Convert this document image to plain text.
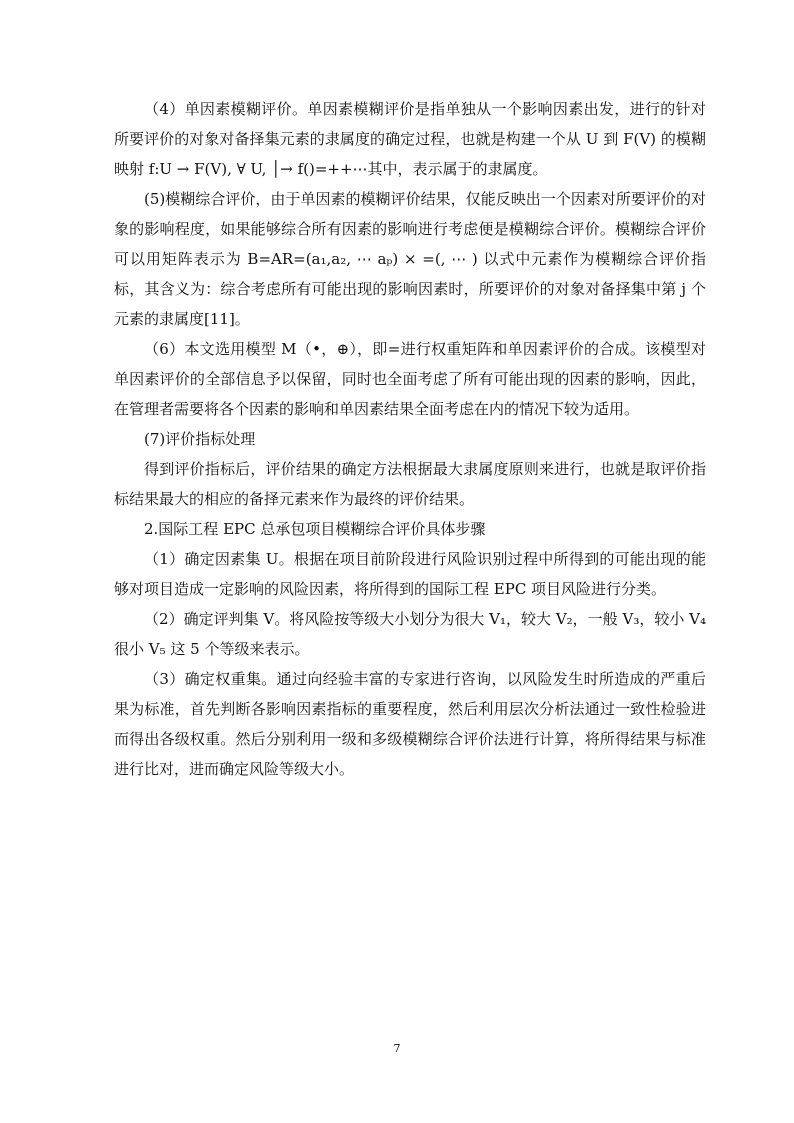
（4）单因素模糊评价。单因素模糊评价是指单独从一个影响因素出发，进行的针对所要评价的对象对备择集元素的隶属度的确定过程，也就是构建一个从 U 到 F(V) 的模糊映射 f:U → F(V), ∀ U, │→ f()=++⋯其中，表示属于的隶属度。

(5)模糊综合评价，由于单因素的模糊评价结果，仅能反映出一个因素对所要评价的对象的影响程度，如果能够综合所有因素的影响进行考虑便是模糊综合评价。模糊综合评价可以用矩阵表示为 B=AR=(a₁,a₂, ⋯ aₚ) × =(, ⋯ ) 以式中元素作为模糊综合评价指标，其含义为：综合考虑所有可能出现的影响因素时，所要评价的对象对备择集中第 j 个元素的隶属度[11]。

（6）本文选用模型 M（•，⊕），即=进行权重矩阵和单因素评价的合成。该模型对单因素评价的全部信息予以保留，同时也全面考虑了所有可能出现的因素的影响，因此，在管理者需要将各个因素的影响和单因素结果全面考虑在内的情况下较为适用。

(7)评价指标处理

得到评价指标后，评价结果的确定方法根据最大隶属度原则来进行，也就是取评价指标结果最大的相应的备择元素来作为最终的评价结果。

2.国际工程 EPC 总承包项目模糊综合评价具体步骤

（1）确定因素集 U。根据在项目前阶段进行风险识别过程中所得到的可能出现的能够对项目造成一定影响的风险因素，将所得到的国际工程 EPC 项目风险进行分类。

（2）确定评判集 V。将风险按等级大小划分为很大 V₁，较大 V₂，一般 V₃，较小 V₄ 很小 V₅ 这 5 个等级来表示。

（3）确定权重集。通过向经验丰富的专家进行咨询，以风险发生时所造成的严重后果为标准，首先判断各影响因素指标的重要程度，然后利用层次分析法通过一致性检验进而得出各级权重。然后分别利用一级和多级模糊综合评价法进行计算，将所得结果与标准进行比对，进而确定风险等级大小。

7
